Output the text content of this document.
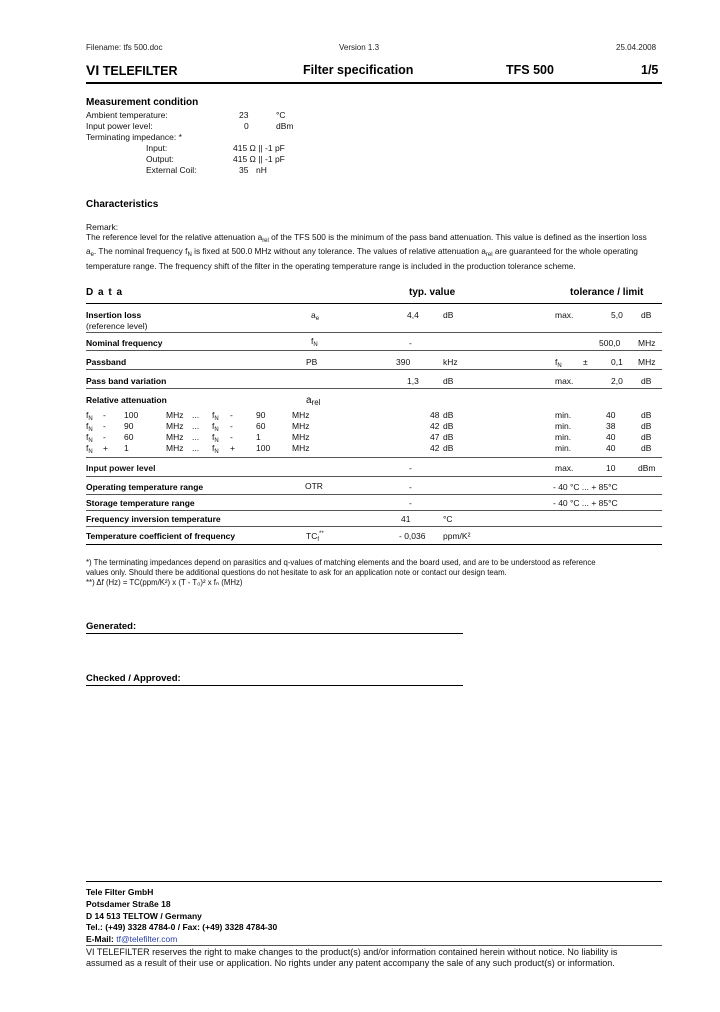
Filename: tfs 500.doc	Version 1.3	25.04.2008
VI TELEFILTER	Filter specification	TFS 500	1/5
Measurement condition
Ambient temperature:	23	°C
Input power level:	0	dBm
Terminating impedance: *
Input:	415 Ω || -1 pF
Output:	415 Ω || -1 pF
External Coil:	35 nH
Characteristics
Remark:
The reference level for the relative attenuation $a_{rel}$ of the TFS 500 is the minimum of the pass band attenuation. This value is defined as the insertion loss
$a_e$. The nominal frequency $f_N$ is fixed at 500.0 MHz without any tolerance. The values of relative attenuation $a_{rel}$ are guaranteed for the whole operating
temperature range. The frequency shift of the filter in the operating temperature range is included in the production tolerance scheme.
D a t a	typ. value	tolerance / limit
Insertion loss
(reference level)
$a_e$	4,4	dB	max.	5,0 dB
Nominal frequency	$f_N$	-	500,0 MHz
Passband	PB	390	kHz	$f_N$	±	0,1 MHz
Pass band variation	1,3	dB	max.	2,0 dB
Relative attenuation	$a_{rel}$
$f_N - 100$	MHz ... $f_N$ -	90	MHz	48 dB	min.	40	dB
$f_N - 90$	MHz ... $f_N$ -	60	MHz	42 dB	min.	38	dB
$f_N - 60$	MHz ... $f_N$ -	1	MHz	47 dB	min.	40	dB
$f_N + 1$	MHz ... $f_N + 100$	MHz	42 dB	min.	40	dB
Input power level	-	max.	10	dBm
Operating temperature range	OTR	-	- 40 °C ... + 85°C
Storage temperature range	-	- 40 °C ... + 85°C
Frequency inversion temperature	41	°C
Temperature coefficient of frequency	$TC_f^{**}$	- 0,036 ppm/K²
*) The terminating impedances depend on parasitics and q-values of matching elements and the board used, and are to be understood as reference
values only. Should there be additional questions do not hesitate to ask for an application note or contact our design team.
**) Δf (Hz) = TC(ppm/K²) x (T - T₀)² x fₙ (MHz)
Generated:
Checked / Approved:
Tele Filter GmbH
Potsdamer Straße 18
D 14 513 TELTOW / Germany
Tel.: (+49) 3328 4784-0 / Fax: (+49) 3328 4784-30
E-Mail: tf@telefilter.com
VI TELEFILTER reserves the right to make changes to the product(s) and/or information contained herein without notice. No liability is
assumed as a result of their use or application. No rights under any patent accompany the sale of any such product(s) or information.
